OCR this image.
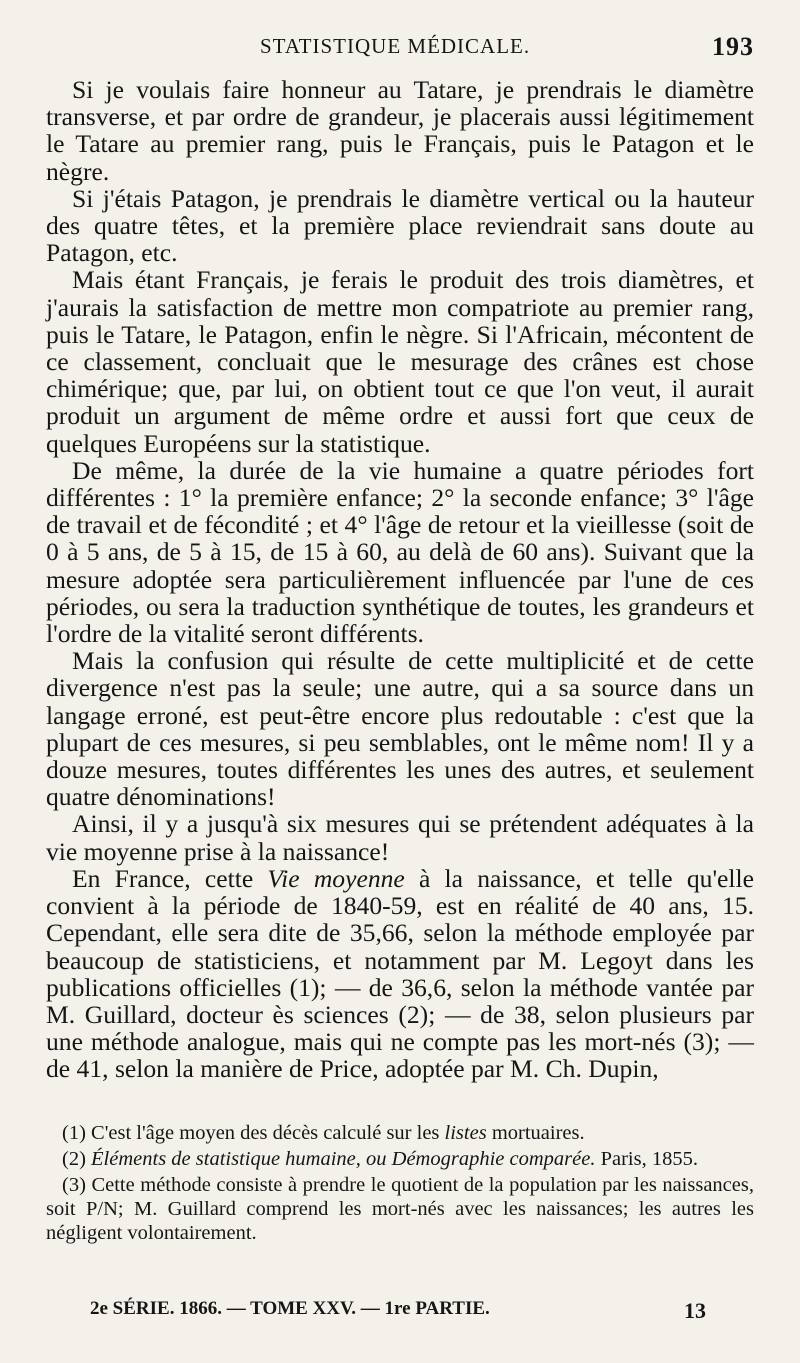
STATISTIQUE MÉDICALE.	193

Si je voulais faire honneur au Tatare, je prendrais le diamètre transverse, et par ordre de grandeur, je placerais aussi légitimement le Tatare au premier rang, puis le Français, puis le Patagon et le nègre.

Si j'étais Patagon, je prendrais le diamètre vertical ou la hauteur des quatre têtes, et la première place reviendrait sans doute au Patagon, etc.

Mais étant Français, je ferais le produit des trois diamètres, et j'aurais la satisfaction de mettre mon compatriote au premier rang, puis le Tatare, le Patagon, enfin le nègre. Si l'Africain, mécontent de ce classement, concluait que le mesurage des crânes est chose chimérique; que, par lui, on obtient tout ce que l'on veut, il aurait produit un argument de même ordre et aussi fort que ceux de quelques Européens sur la statistique.

De même, la durée de la vie humaine a quatre périodes fort différentes : 1° la première enfance; 2° la seconde enfance; 3° l'âge de travail et de fécondité ; et 4° l'âge de retour et la vieillesse (soit de 0 à 5 ans, de 5 à 15, de 15 à 60, au delà de 60 ans). Suivant que la mesure adoptée sera particulièrement influencée par l'une de ces périodes, ou sera la traduction synthétique de toutes, les grandeurs et l'ordre de la vitalité seront différents.

Mais la confusion qui résulte de cette multiplicité et de cette divergence n'est pas la seule; une autre, qui a sa source dans un langage erroné, est peut-être encore plus redoutable : c'est que la plupart de ces mesures, si peu semblables, ont le même nom! Il y a douze mesures, toutes différentes les unes des autres, et seulement quatre dénominations!

Ainsi, il y a jusqu'à six mesures qui se prétendent adéquates à la vie moyenne prise à la naissance!

En France, cette Vie moyenne à la naissance, et telle qu'elle convient à la période de 1840-59, est en réalité de 40 ans, 15. Cependant, elle sera dite de 35,66, selon la méthode employée par beaucoup de statisticiens, et notamment par M. Legoyt dans les publications officielles (1); — de 36,6, selon la méthode vantée par M. Guillard, docteur ès sciences (2); — de 38, selon plusieurs par une méthode analogue, mais qui ne compte pas les mort-nés (3); — de 41, selon la manière de Price, adoptée par M. Ch. Dupin,

(1) C'est l'âge moyen des décès calculé sur les listes mortuaires.

(2) Éléments de statistique humaine, ou Démographie comparée. Paris, 1855.

(3) Cette méthode consiste à prendre le quotient de la population par les naissances, soit P/N; M. Guillard comprend les mort-nés avec les naissances; les autres les négligent volontairement.

2e SÉRIE. 1866. — TOME XXV. — 1re PARTIE.	13
